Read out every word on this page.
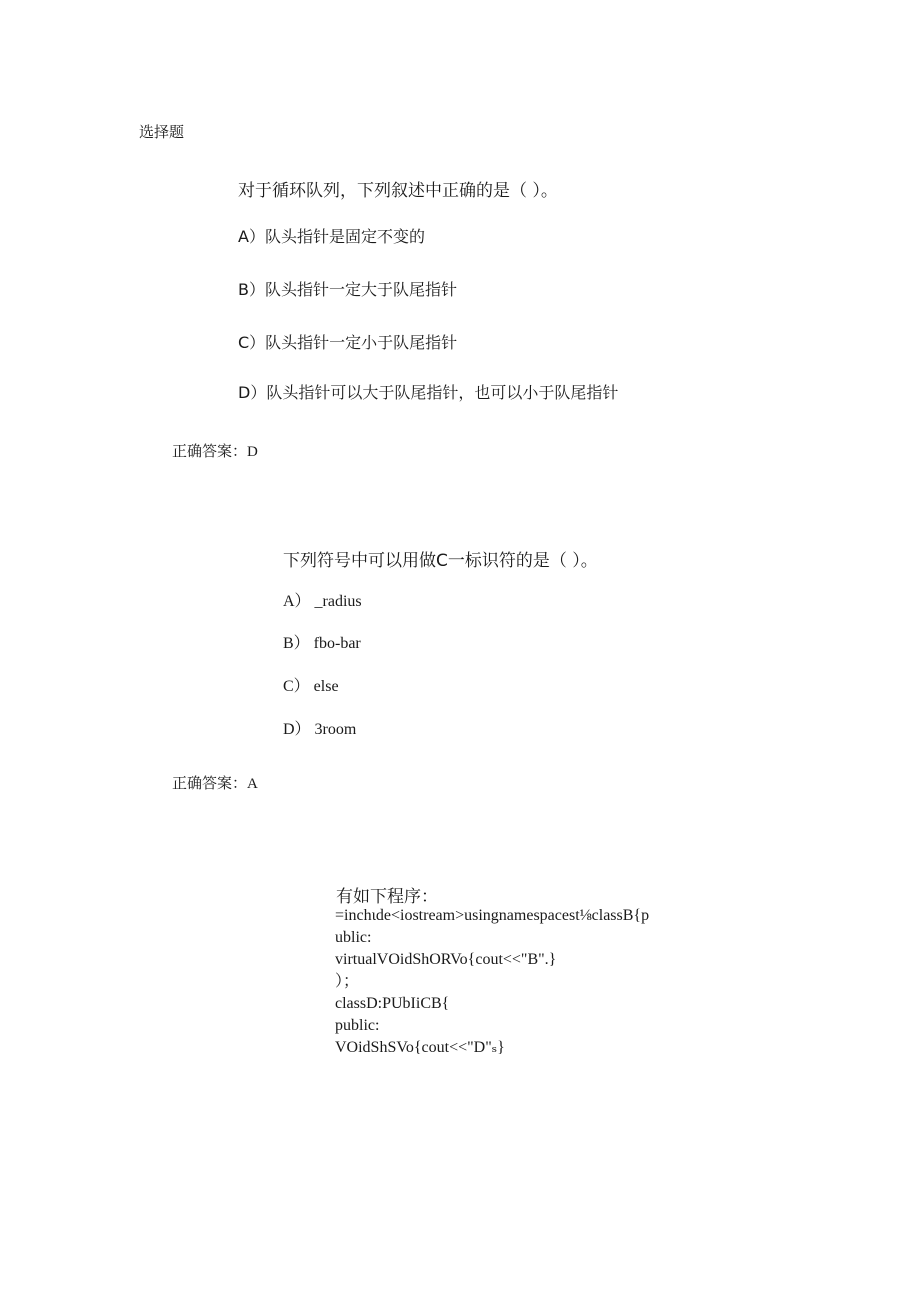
选择题
对于循环队列，下列叙述中正确的是（ ）。
A）队头指针是固定不变的
B）队头指针一定大于队尾指针
C）队头指针一定小于队尾指针
D）队头指针可以大于队尾指针，也可以小于队尾指针
正确答案：D
下列符号中可以用做C一标识符的是（ ）。
A） _radius
B） fbo-bar
C） else
D） 3room
正确答案：A
有如下程序：
=inchιde<iostream>usingnamespacest⅛classB{p
ublic:
virtualVOidShORVo{cout<<"B".}
）；
classD:PUbIiCB{
public:
VOidShSVo{cout<<"D"ₛ}
